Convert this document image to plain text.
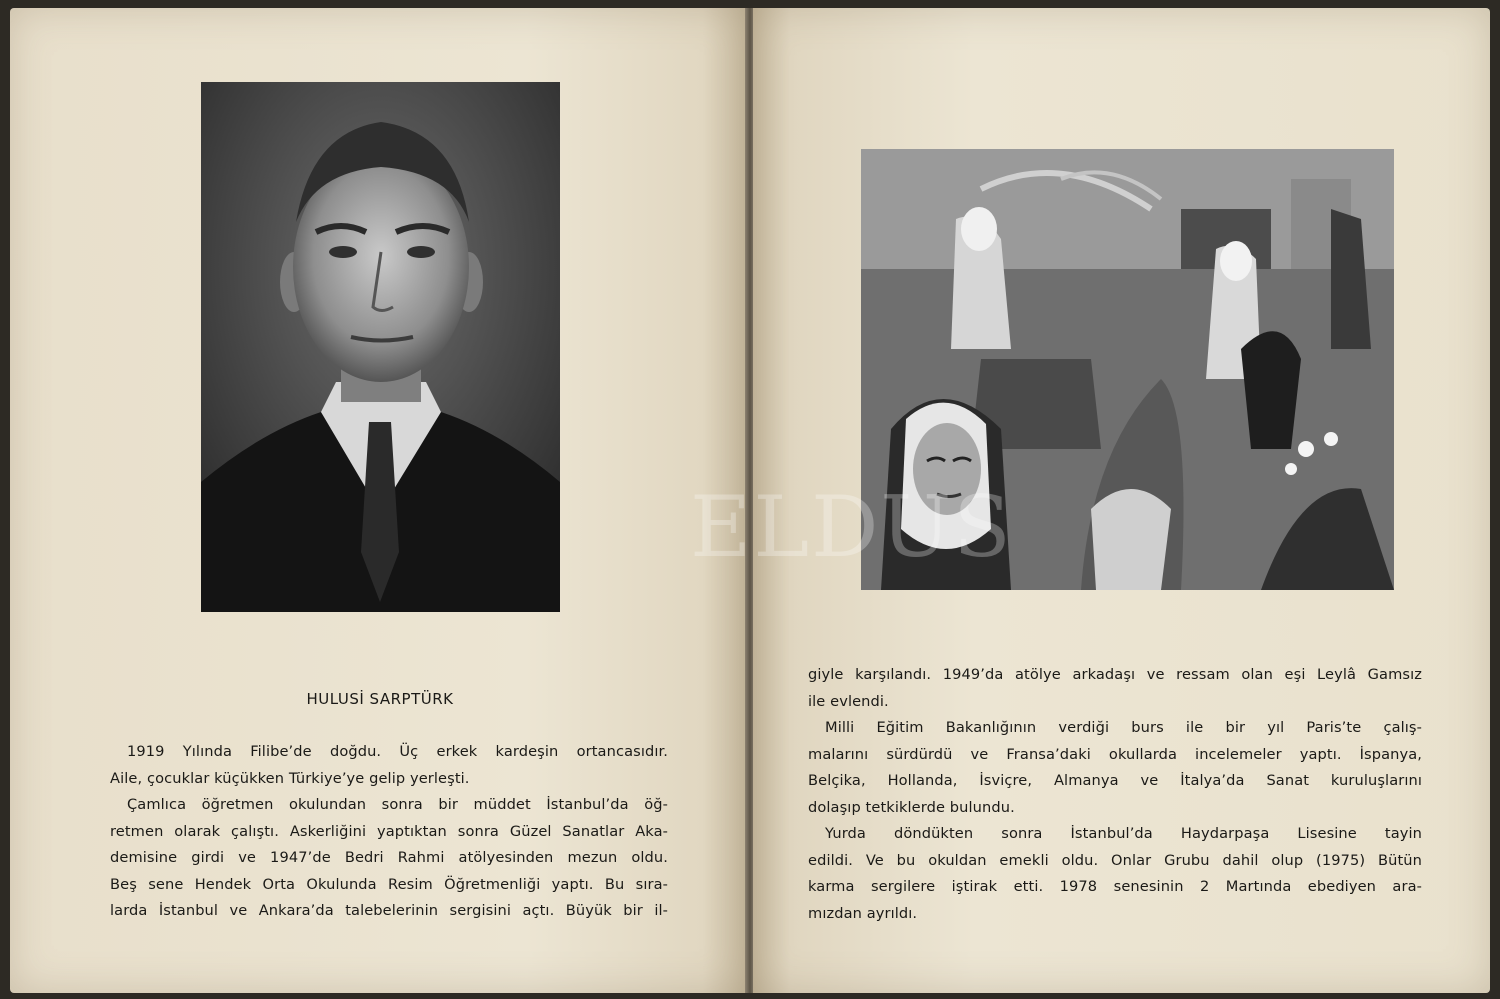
ELDUS
HULUSİ SARPTÜRK
1919 Yılında Filibe’de doğdu. Üç erkek kardeşin ortancasıdır.
Aile, çocuklar küçükken Türkiye’ye gelip yerleşti.
Çamlıca öğretmen okulundan sonra bir müddet İstanbul’da öğ-
retmen olarak çalıştı. Askerliğini yaptıktan sonra Güzel Sanatlar Aka-
demisine girdi ve 1947’de Bedri Rahmi atölyesinden mezun oldu.
Beş sene Hendek Orta Okulunda Resim Öğretmenliği yaptı. Bu sıra-
larda İstanbul ve Ankara’da talebelerinin sergisini açtı. Büyük bir il-
giyle karşılandı. 1949’da atölye arkadaşı ve ressam olan eşi Leylâ Gamsız
ile evlendi.
Milli Eğitim Bakanlığının verdiği burs ile bir yıl Paris’te çalış-
malarını sürdürdü ve Fransa’daki okullarda incelemeler yaptı. İspanya,
Belçika, Hollanda, İsviçre, Almanya ve İtalya’da Sanat kuruluşlarını
dolaşıp tetkiklerde bulundu.
Yurda döndükten sonra İstanbul’da Haydarpaşa Lisesine tayin
edildi. Ve bu okuldan emekli oldu. Onlar Grubu dahil olup (1975) Bütün
karma sergilere iştirak etti. 1978 senesinin 2 Martında ebediyen ara-
mızdan ayrıldı.
